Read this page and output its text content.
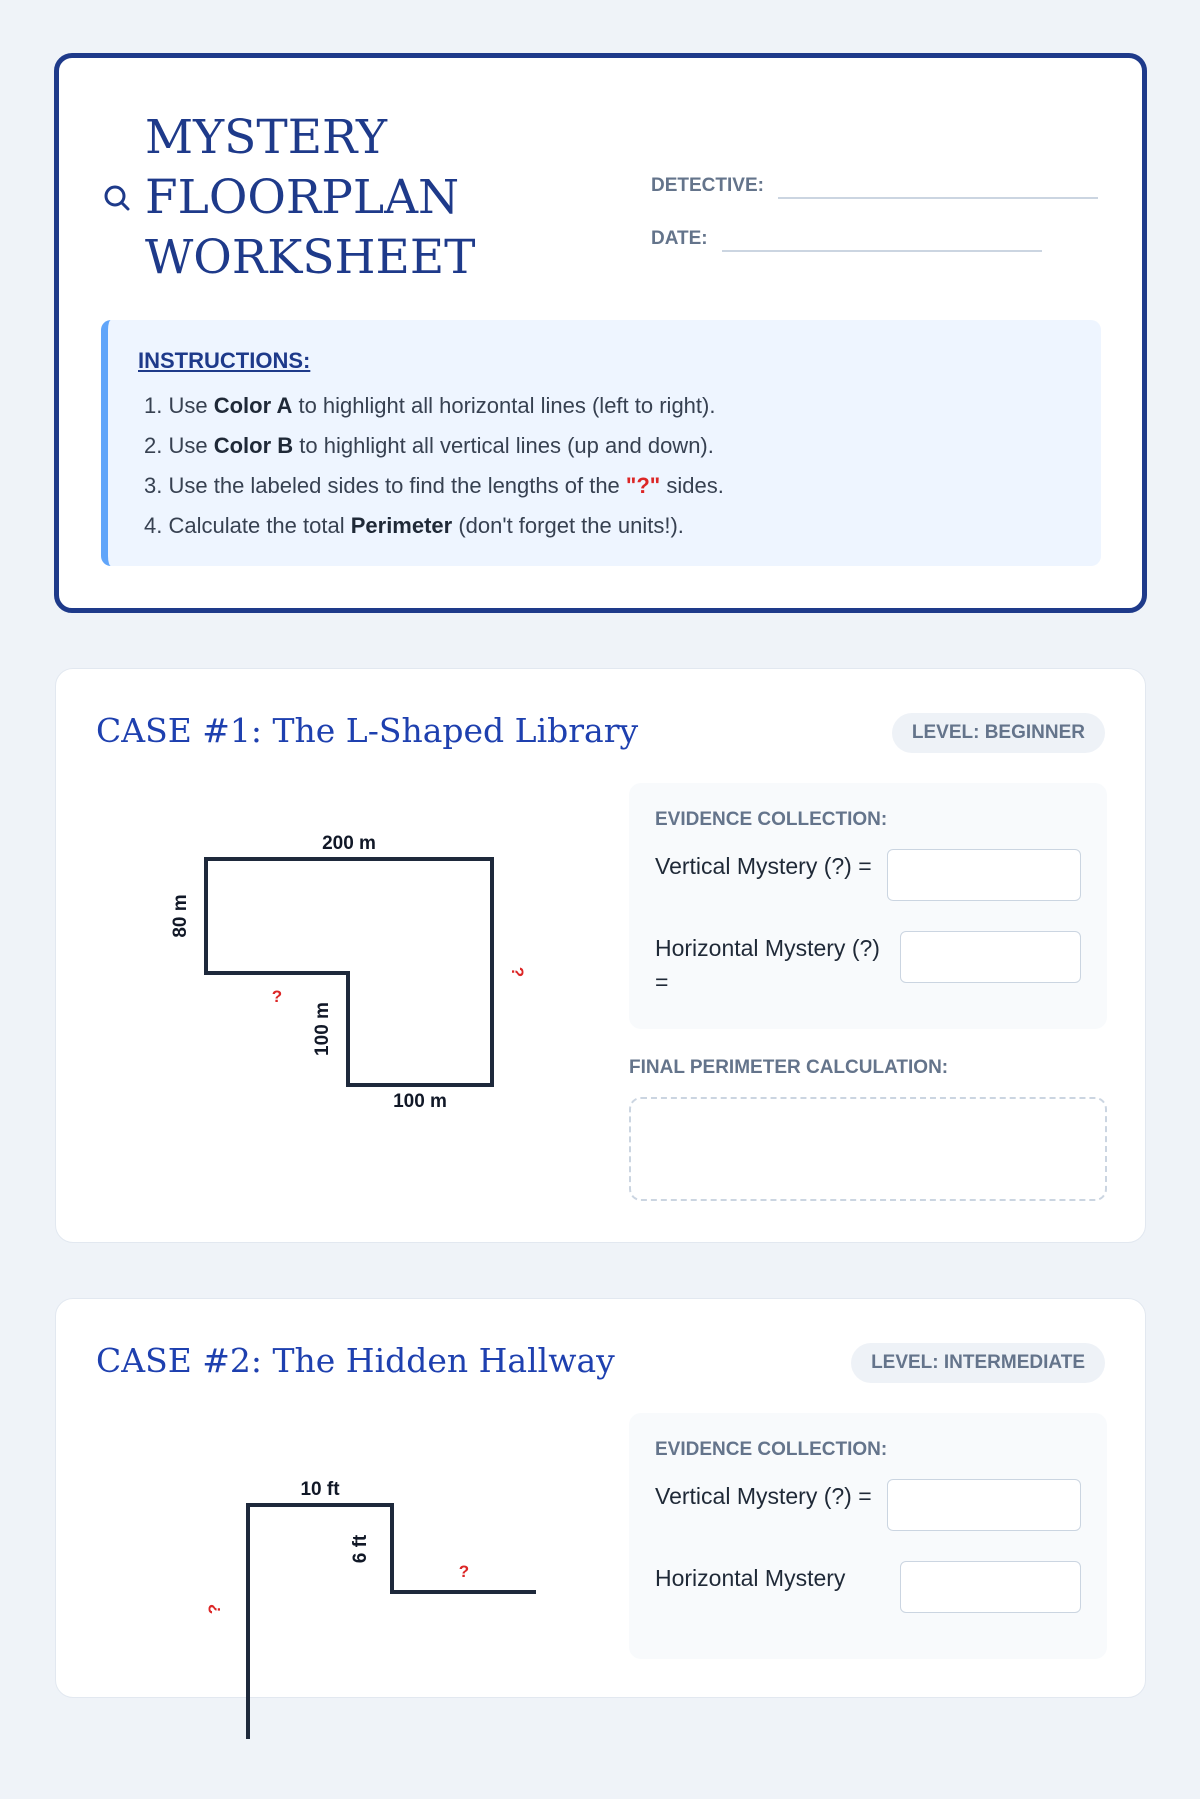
MYSTERY
FLOORPLAN
WORKSHEET
DETECTIVE:
DATE:
INSTRUCTIONS:
1. Use Color A to highlight all horizontal lines (left to right).
2. Use Color B to highlight all vertical lines (up and down).
3. Use the labeled sides to find the lengths of the "?" sides.
4. Calculate the total Perimeter (don't forget the units!).
CASE #1: The L-Shaped Library	LEVEL: BEGINNER
200 m
80 m
?
100 m
100 m
?
EVIDENCE COLLECTION:
Vertical Mystery (?) =
Horizontal Mystery (?) =
FINAL PERIMETER CALCULATION:
CASE #2: The Hidden Hallway	LEVEL: INTERMEDIATE
10 ft
6 ft
?
?
EVIDENCE COLLECTION:
Vertical Mystery (?) =
Horizontal Mystery
